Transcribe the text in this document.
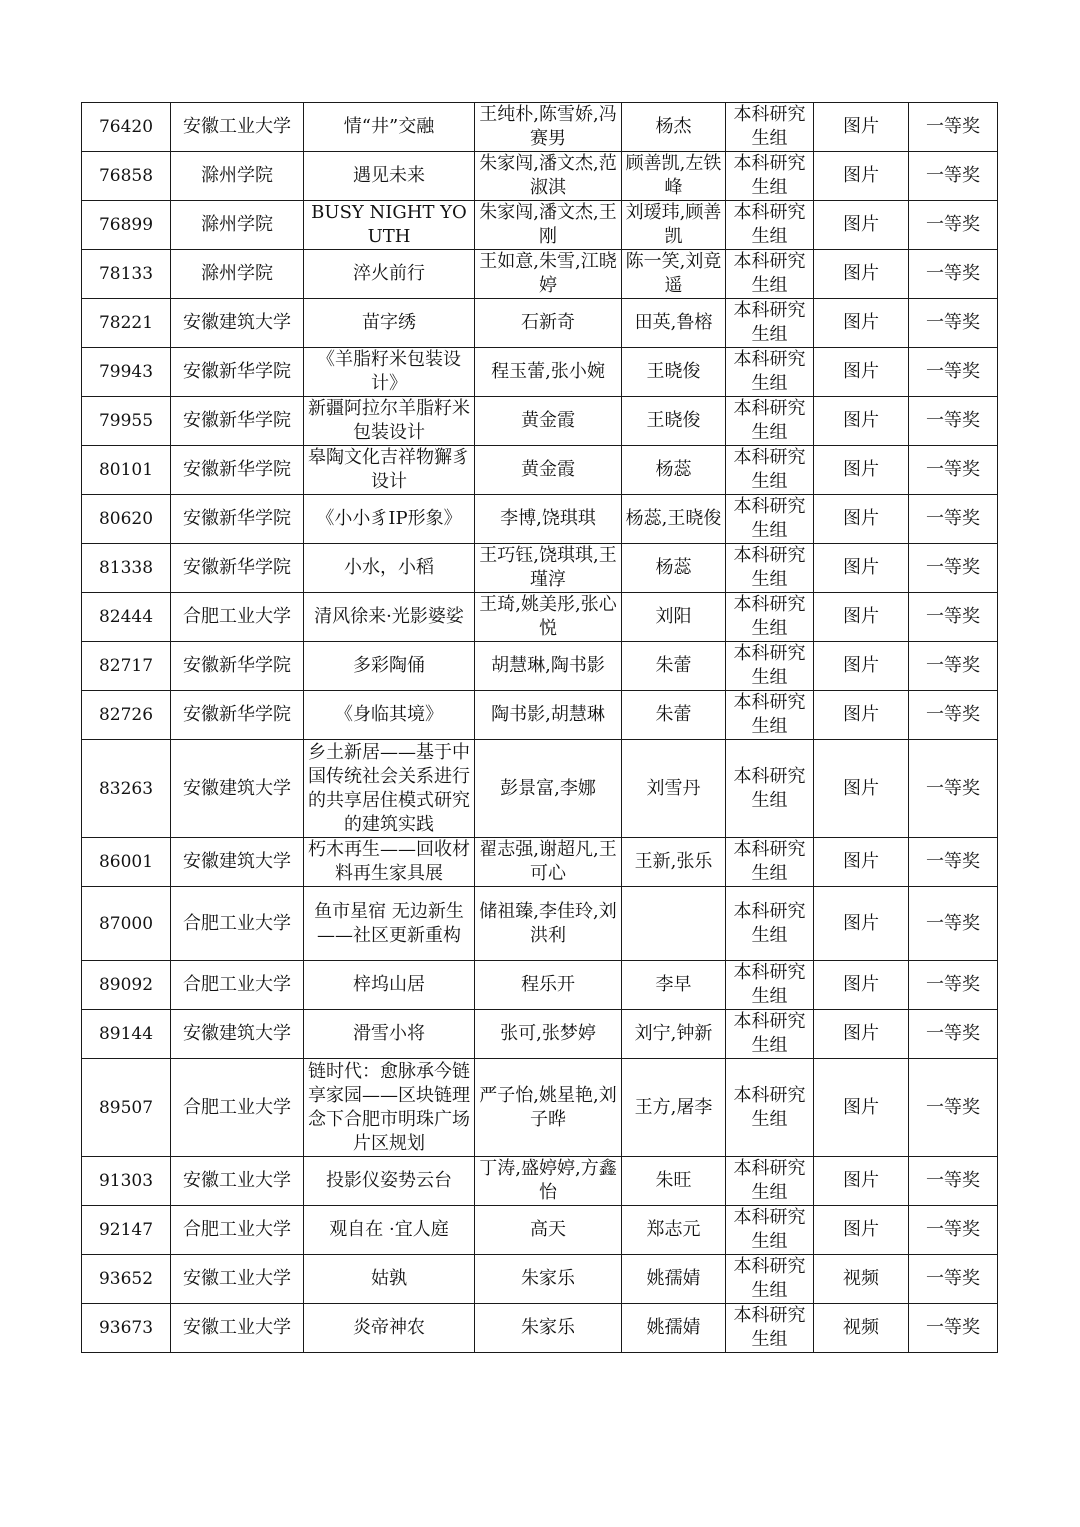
76420	安徽工业大学	情“井”交融	王纯朴,陈雪娇,冯赛男	杨杰	本科研究生组	图片	一等奖
76858	滁州学院	遇见未来	朱家闯,潘文杰,范淑淇	顾善凯,左铁峰	本科研究生组	图片	一等奖
76899	滁州学院	BUSY NIGHT YOUTH	朱家闯,潘文杰,王刚	刘瑷玮,顾善凯	本科研究生组	图片	一等奖
78133	滁州学院	淬火前行	王如意,朱雪,江晓婷	陈一笑,刘竟遥	本科研究生组	图片	一等奖
78221	安徽建筑大学	苗字绣	石新奇	田英,鲁榕	本科研究生组	图片	一等奖
79943	安徽新华学院	《羊脂籽米包装设计》	程玉蕾,张小婉	王晓俊	本科研究生组	图片	一等奖
79955	安徽新华学院	新疆阿拉尔羊脂籽米包装设计	黄金霞	王晓俊	本科研究生组	图片	一等奖
80101	安徽新华学院	皋陶文化吉祥物獬豸设计	黄金霞	杨蕊	本科研究生组	图片	一等奖
80620	安徽新华学院	《小小豸IP形象》	李博,饶琪琪	杨蕊,王晓俊	本科研究生组	图片	一等奖
81338	安徽新华学院	小水，小稻	王巧钰,饶琪琪,王瑾淳	杨蕊	本科研究生组	图片	一等奖
82444	合肥工业大学	清风徐来·光影婆娑	王琦,姚美彤,张心悦	刘阳	本科研究生组	图片	一等奖
82717	安徽新华学院	多彩陶俑	胡慧琳,陶书影	朱蕾	本科研究生组	图片	一等奖
82726	安徽新华学院	《身临其境》	陶书影,胡慧琳	朱蕾	本科研究生组	图片	一等奖
83263	安徽建筑大学	乡土新居——基于中国传统社会关系进行的共享居住模式研究的建筑实践	彭景富,李娜	刘雪丹	本科研究生组	图片	一等奖
86001	安徽建筑大学	朽木再生——回收材料再生家具展	翟志强,谢超凡,王可心	王新,张乐	本科研究生组	图片	一等奖
87000	合肥工业大学	鱼市星宿 无边新生——社区更新重构	储祖臻,李佳玲,刘洪利		本科研究生组	图片	一等奖
89092	合肥工业大学	梓坞山居	程乐开	李早	本科研究生组	图片	一等奖
89144	安徽建筑大学	滑雪小将	张可,张梦婷	刘宁,钟新	本科研究生组	图片	一等奖
89507	合肥工业大学	链时代：愈脉承今链享家园——区块链理念下合肥市明珠广场片区规划	严子怡,姚星艳,刘子晔	王方,屠李	本科研究生组	图片	一等奖
91303	安徽工业大学	投影仪姿势云台	丁涛,盛婷婷,方鑫怡	朱旺	本科研究生组	图片	一等奖
92147	合肥工业大学	观自在 ·宜人庭	高天	郑志元	本科研究生组	图片	一等奖
93652	安徽工业大学	姑孰	朱家乐	姚孺婧	本科研究生组	视频	一等奖
93673	安徽工业大学	炎帝神农	朱家乐	姚孺婧	本科研究生组	视频	一等奖
